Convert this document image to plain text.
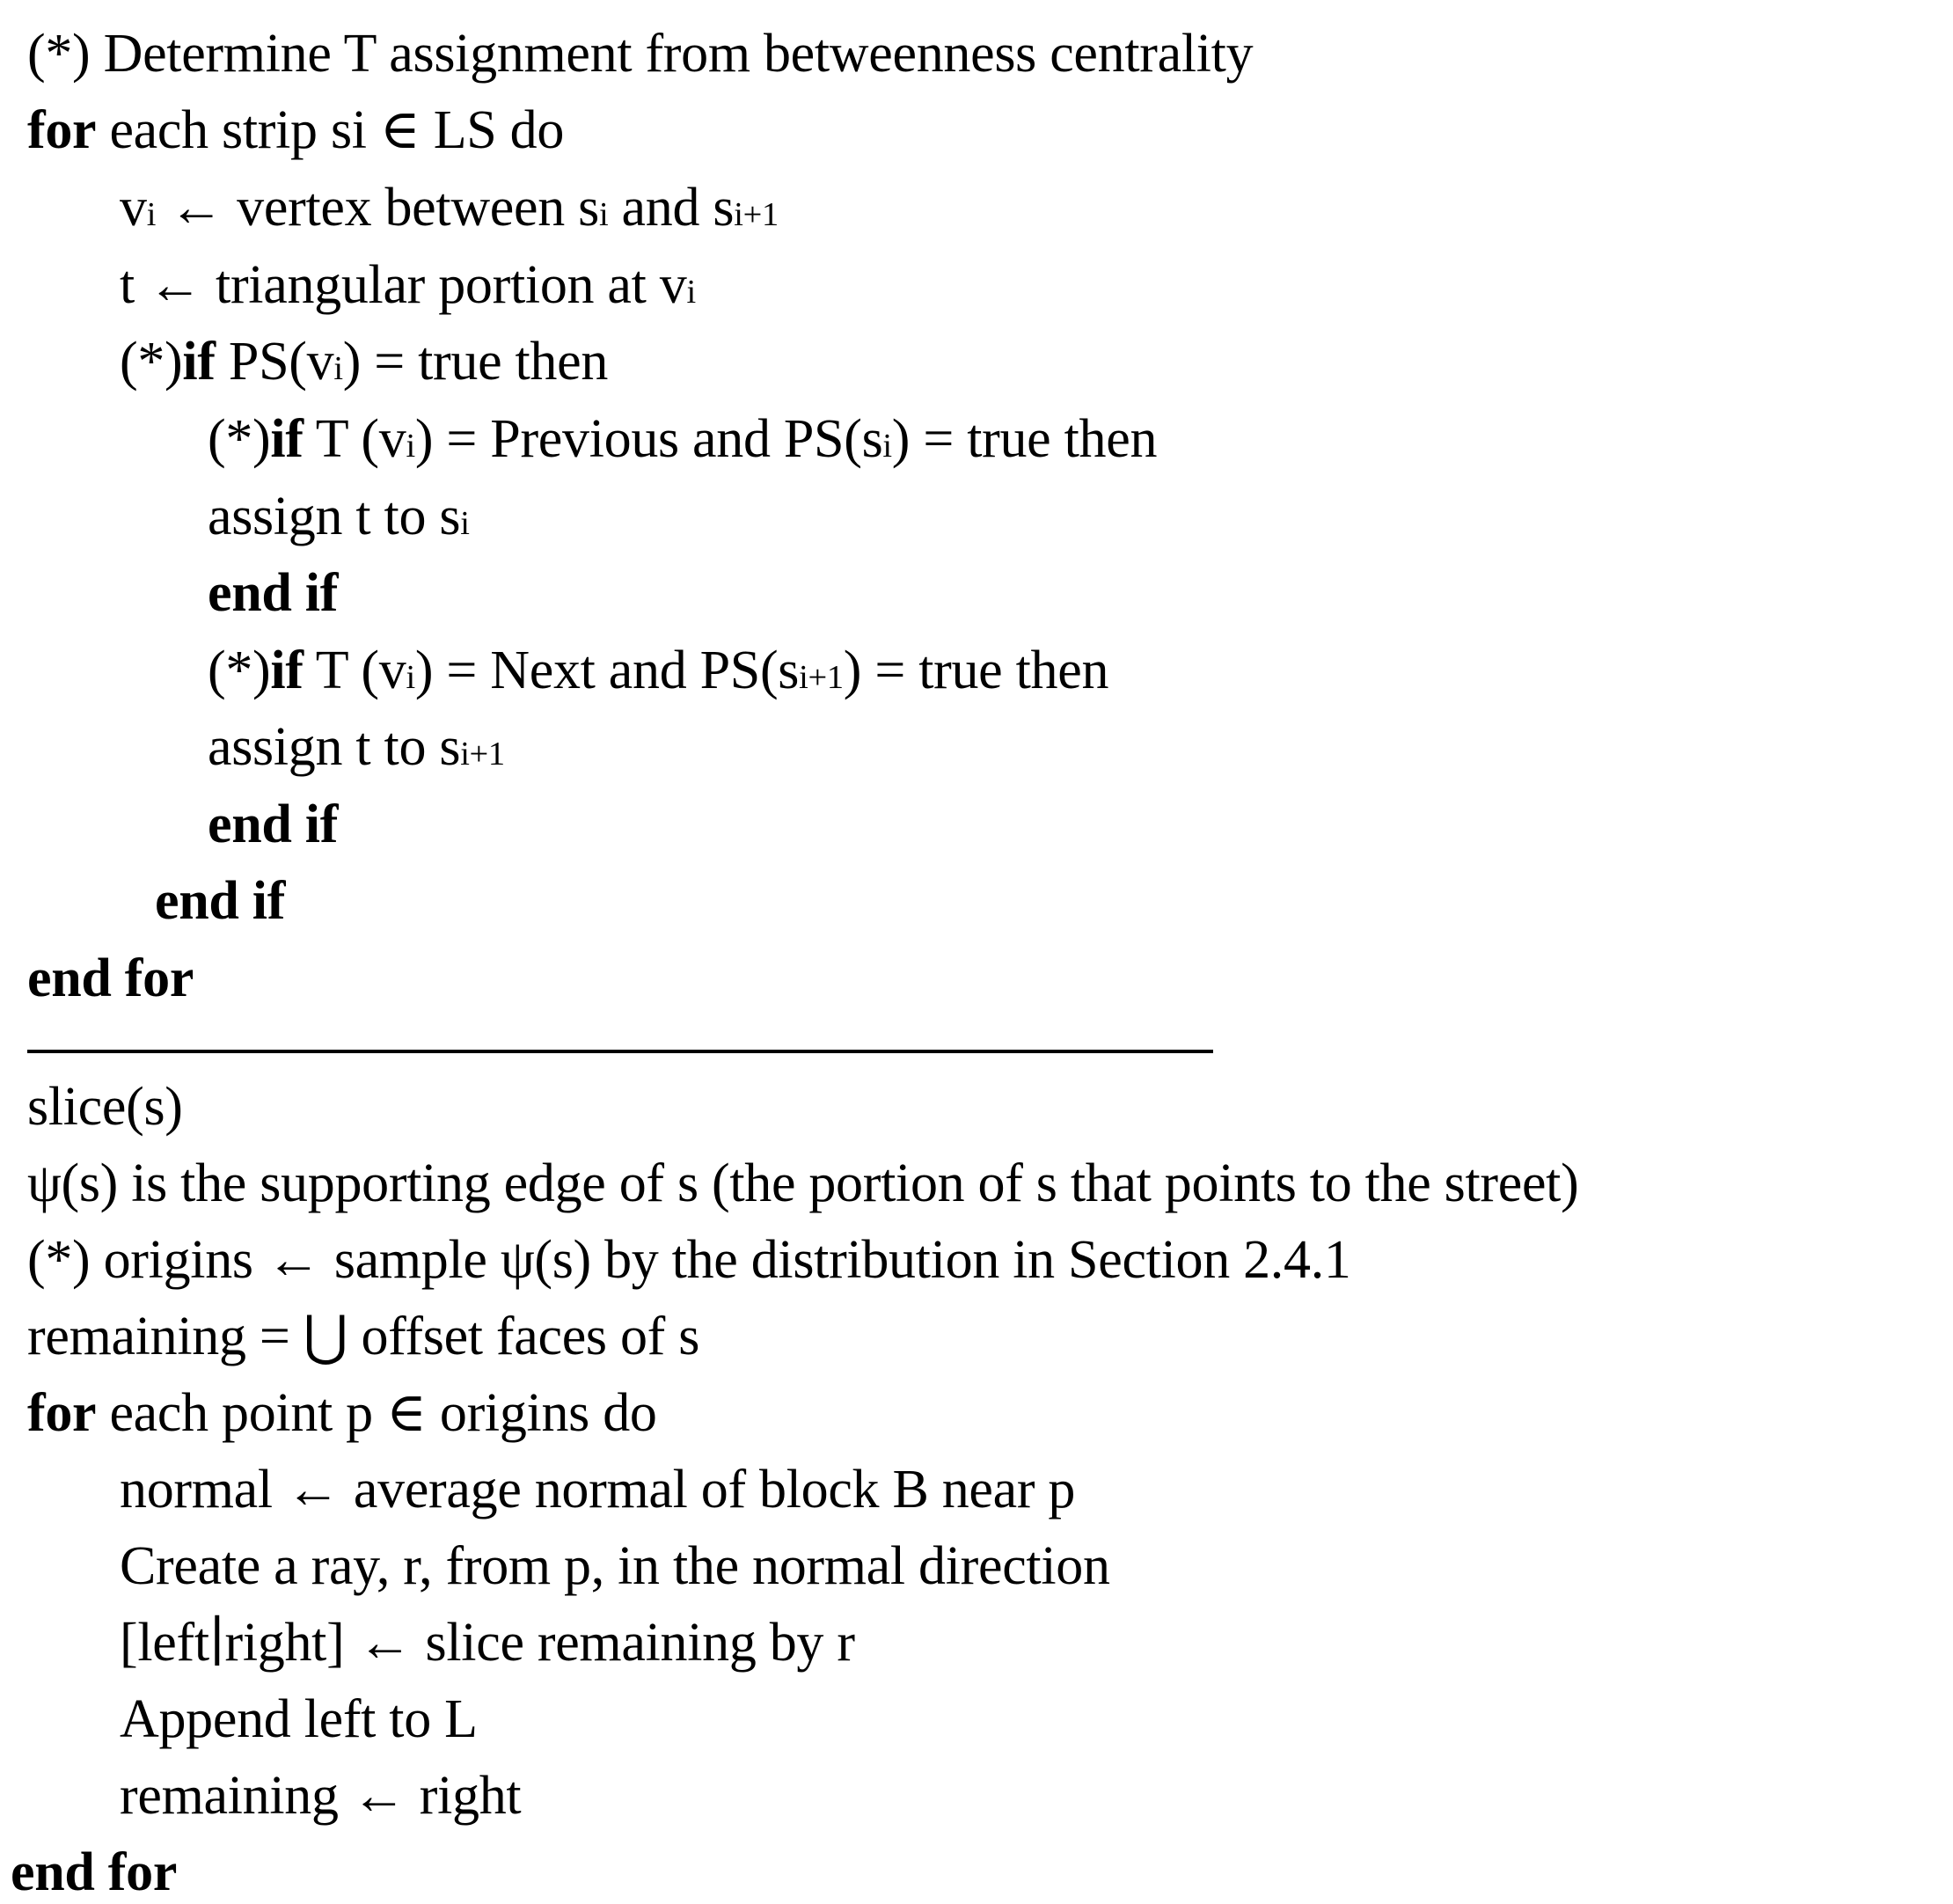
(*) Determine T assignment from betweenness centrality
for each strip si ∈ LS do
vi ← vertex between si and si+1
t ← triangular portion at vi
(*)if PS(vi) = true then
(*)if T (vi) = Previous and PS(si) = true then
assign t to si
end if
(*)if T (vi) = Next and PS(si+1) = true then
assign t to si+1
end if
end if
end for
slice(s)
ψ(s) is the supporting edge of s (the portion of s that points to the street)
(*) origins ← sample ψ(s) by the distribution in Section 2.4.1
remaining = ⋃ offset faces of s
for each point p ∈ origins do
normal ← average normal of block B near p
Create a ray, r, from p, in the normal direction
[left∣right] ← slice remaining by r
Append left to L
remaining ← right
end for
